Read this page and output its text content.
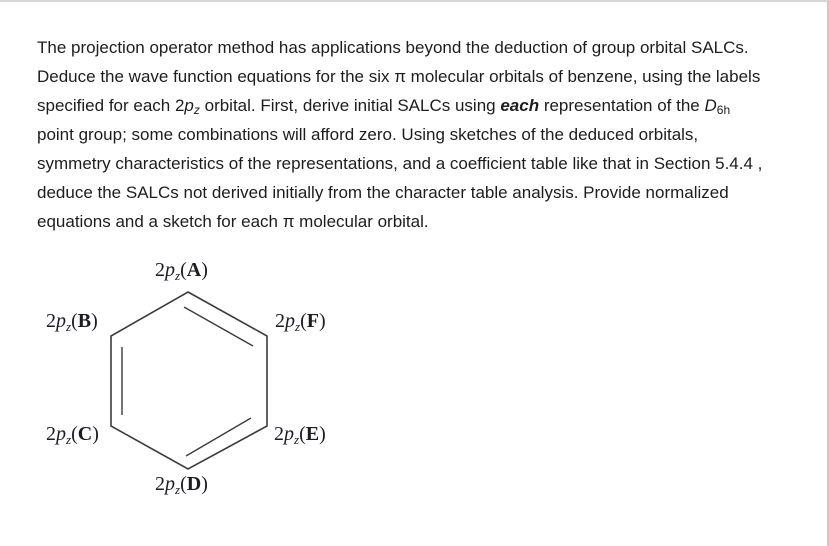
The projection operator method has applications beyond the deduction of group orbital SALCs.
Deduce the wave function equations for the six π molecular orbitals of benzene, using the labels
specified for each $2p_z$ orbital. First, derive initial SALCs using each representation of the $D_{6h}$
point group; some combinations will afford zero. Using sketches of the deduced orbitals,
symmetry characteristics of the representations, and a coefficient table like that in Section 5.4.4 ,
deduce the SALCs not derived initially from the character table analysis. Provide normalized
equations and a sketch for each π molecular orbital.
$2p_z(A)$
$2p_z(B)$
$2p_z(C)$
$2p_z(D)$
$2p_z(E)$
$2p_z(F)$
